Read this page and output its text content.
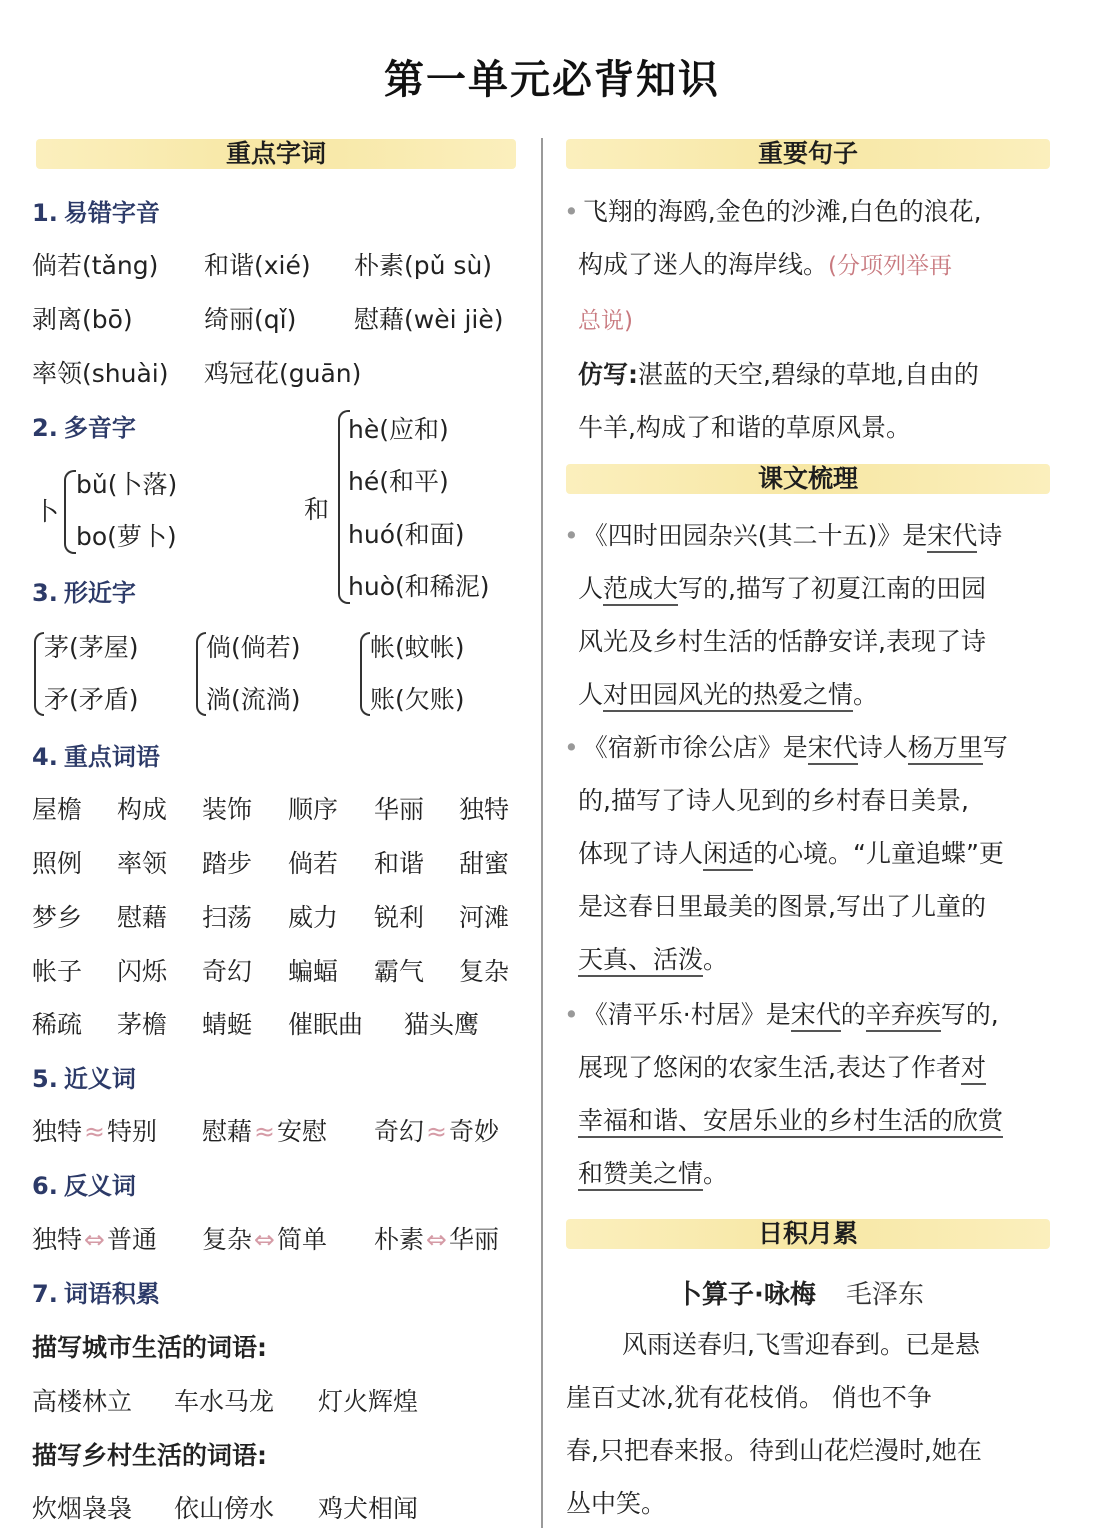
第一单元必背知识
重点字词
1. 易错字音
倘若(tǎng) 和谐(xié) 朴素(pǔ sù)
剥离(bō)	绮丽(qǐ) 慰藉(wèi jiè)
率领(shuài) 鸡冠花(guān)
2. 多音字
卜
bǔ(卜落)
bo(萝卜)
和
hè(应和)
hé(和平)
huó(和面)
huò(和稀泥)
3. 形近字
茅(茅屋)
矛(矛盾)
倘(倘若)
淌(流淌)
帐(蚊帐)
账(欠账)
4. 重点词语
屋檐 构成 装饰 顺序 华丽 独特
照例 率领 踏步 倘若 和谐 甜蜜
梦乡 慰藉 扫荡 威力 锐利 河滩
帐子 闪烁 奇幻 蝙蝠 霸气 复杂
稀疏 茅檐 蜻蜓 催眠曲 猫头鹰
5. 近义词
独特≈特别 慰藉≈安慰 奇幻≈奇妙
6. 反义词
独特⇔普通 复杂⇔简单 朴素⇔华丽
7. 词语积累
描写城市生活的词语:
高楼林立 车水马龙 灯火辉煌
描写乡村生活的词语:
炊烟袅袅 依山傍水 鸡犬相闻
重要句子
• 飞翔的海鸥,金色的沙滩,白色的浪花,
构成了迷人的海岸线。(分项列举再
总说)
仿写:湛蓝的天空,碧绿的草地,自由的
牛羊,构成了和谐的草原风景。
课文梳理
• 《四时田园杂兴(其二十五)》是宋代诗
人范成大写的,描写了初夏江南的田园
风光及乡村生活的恬静安详,表现了诗
人对田园风光的热爱之情。
• 《宿新市徐公店》是宋代诗人杨万里写
的,描写了诗人见到的乡村春日美景,
体现了诗人闲适的心境。“儿童追蝶”更
是这春日里最美的图景,写出了儿童的
天真、活泼。
• 《清平乐·村居》是宋代的辛弃疾写的,
展现了悠闲的农家生活,表达了作者对
幸福和谐、安居乐业的乡村生活的欣赏
和赞美之情。
日积月累
卜算子·咏梅 毛泽东
风雨送春归,飞雪迎春到。已是悬
崖百丈冰,犹有花枝俏。 俏也不争
春,只把春来报。待到山花烂漫时,她在
丛中笑。
